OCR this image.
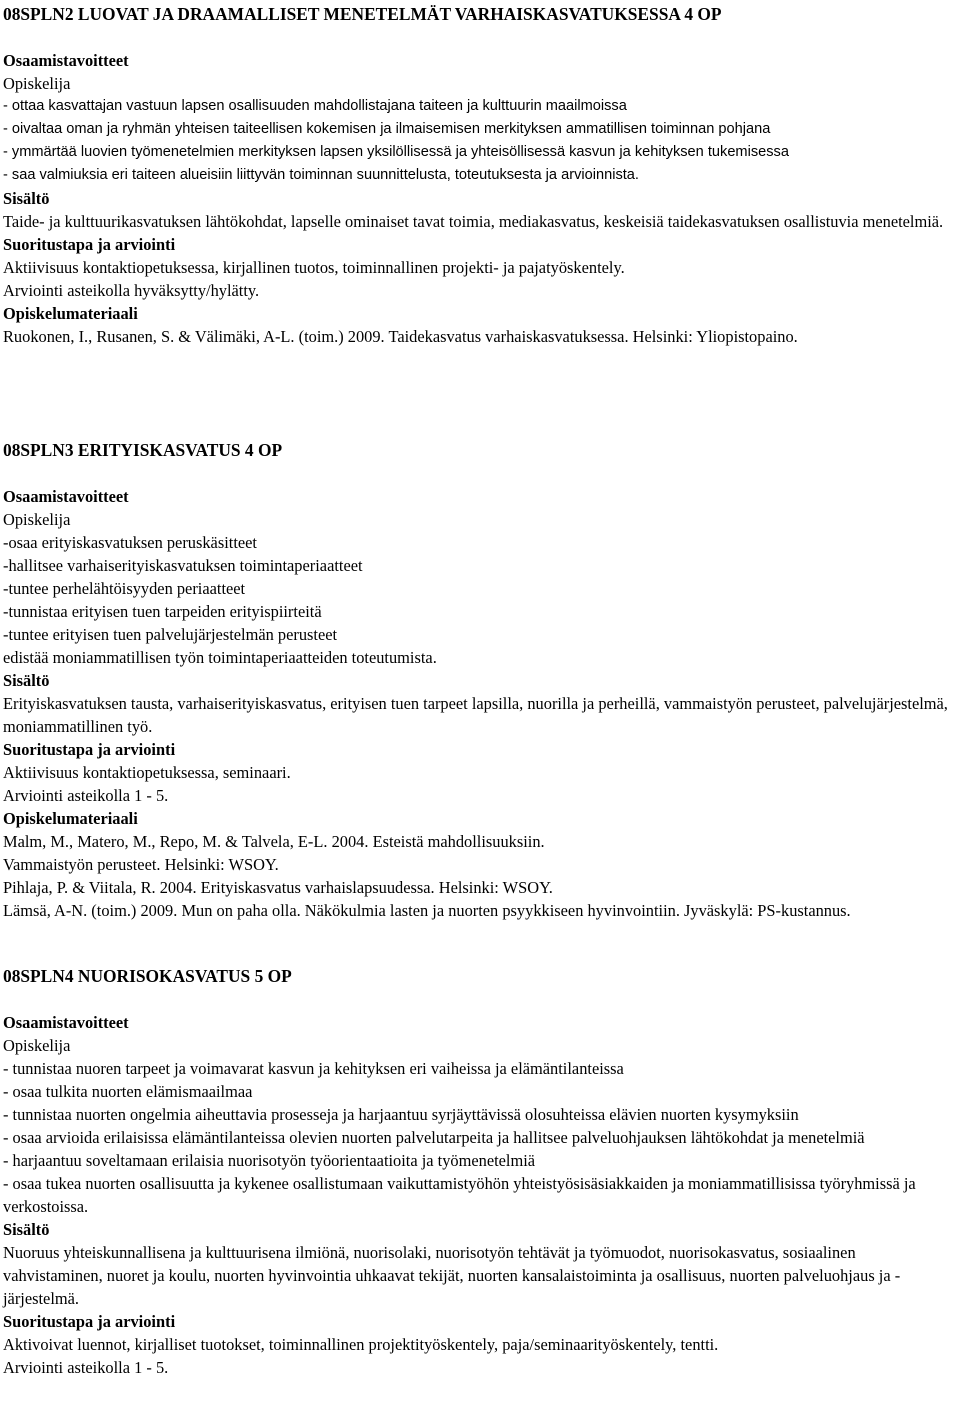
08SPLN2 LUOVAT JA DRAAMALLISET MENETELMÄT VARHAISKASVATUKSESSA 4 OP

Osaamistavoitteet

Opiskelija

- ottaa kasvattajan vastuun lapsen osallisuuden mahdollistajana taiteen ja kulttuurin maailmoissa

- oivaltaa oman ja ryhmän yhteisen taiteellisen kokemisen ja ilmaisemisen merkityksen ammatillisen toiminnan pohjana

- ymmärtää luovien työmenetelmien merkityksen lapsen yksilöllisessä ja yhteisöllisessä kasvun ja kehityksen tukemisessa

- saa valmiuksia eri taiteen alueisiin liittyvän toiminnan suunnittelusta, toteutuksesta ja arvioinnista.

Sisältö

Taide- ja kulttuurikasvatuksen lähtökohdat, lapselle ominaiset tavat toimia, mediakasvatus, keskeisiä taidekasvatuksen osallistuvia menetelmiä.

Suoritustapa ja arviointi

Aktiivisuus kontaktiopetuksessa, kirjallinen tuotos, toiminnallinen projekti- ja pajatyöskentely.

Arviointi asteikolla hyväksytty/hylätty.

Opiskelumateriaali

Ruokonen, I., Rusanen, S. & Välimäki, A-L. (toim.) 2009. Taidekasvatus varhaiskasvatuksessa. Helsinki: Yliopistopaino.

08SPLN3 ERITYISKASVATUS 4 OP

Osaamistavoitteet

Opiskelija

-osaa erityiskasvatuksen peruskäsitteet

-hallitsee varhaiserityiskasvatuksen toimintaperiaatteet

-tuntee perhelähtöisyyden periaatteet

-tunnistaa erityisen tuen tarpeiden erityispiirteitä

-tuntee erityisen tuen palvelujärjestelmän perusteet

edistää moniammatillisen työn toimintaperiaatteiden toteutumista.

Sisältö

Erityiskasvatuksen tausta, varhaiserityiskasvatus, erityisen tuen tarpeet lapsilla, nuorilla ja perheillä, vammaistyön perusteet, palvelujärjestelmä, moniammatillinen työ.

Suoritustapa ja arviointi

Aktiivisuus kontaktiopetuksessa, seminaari.

Arviointi asteikolla 1 - 5.

Opiskelumateriaali

Malm, M., Matero, M., Repo, M. & Talvela, E-L. 2004. Esteistä mahdollisuuksiin.

Vammaistyön perusteet. Helsinki: WSOY.

Pihlaja, P. & Viitala, R. 2004. Erityiskasvatus varhaislapsuudessa. Helsinki: WSOY.

Lämsä, A-N. (toim.) 2009. Mun on paha olla. Näkökulmia lasten ja nuorten psyykkiseen hyvinvointiin. Jyväskylä: PS-kustannus.

08SPLN4 NUORISOKASVATUS 5 OP

Osaamistavoitteet

Opiskelija

- tunnistaa nuoren tarpeet ja voimavarat kasvun ja kehityksen eri vaiheissa ja elämäntilanteissa

- osaa tulkita nuorten elämismaailmaa

- tunnistaa nuorten ongelmia aiheuttavia prosesseja ja harjaantuu syrjäyttävissä olosuhteissa elävien nuorten kysymyksiin

- osaa arvioida erilaisissa elämäntilanteissa olevien nuorten palvelutarpeita ja hallitsee palveluohjauksen lähtökohdat ja menetelmiä

- harjaantuu soveltamaan erilaisia nuorisotyön työorientaatioita ja työmenetelmiä

- osaa tukea nuorten osallisuutta ja kykenee osallistumaan vaikuttamistyöhön yhteistyösisäsiakkaiden ja moniammatillisissa työryhmissä ja verkostoissa.

Sisältö

Nuoruus yhteiskunnallisena ja kulttuurisena ilmiönä, nuorisolaki, nuorisotyön tehtävät ja työmuodot, nuorisokasvatus, sosiaalinen vahvistaminen, nuoret ja koulu, nuorten hyvinvointia uhkaavat tekijät, nuorten kansalaistoiminta ja osallisuus, nuorten palveluohjaus ja -järjestelmä.

Suoritustapa ja arviointi

Aktivoivat luennot, kirjalliset tuotokset, toiminnallinen projektityöskentely, paja/seminaarityöskentely, tentti.

Arviointi asteikolla 1 - 5.
